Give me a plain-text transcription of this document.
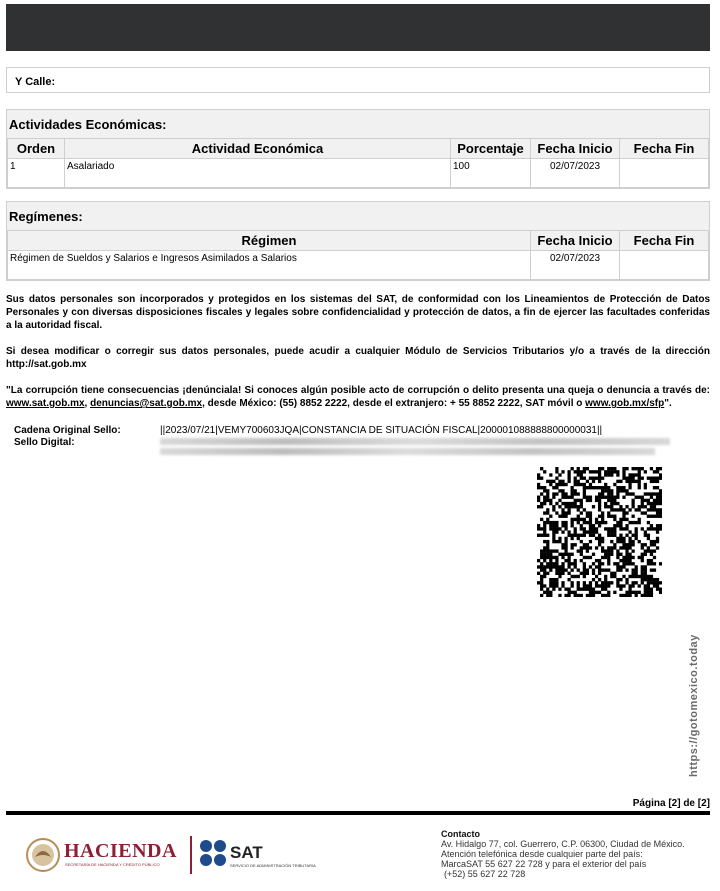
Y Calle:
Actividades Económicas:
Orden	Actividad Económica	Porcentaje	Fecha Inicio	Fecha Fin
1	Asalariado	100	02/07/2023	
Regímenes:
Régimen	Fecha Inicio	Fecha Fin
Régimen de Sueldos y Salarios e Ingresos Asimilados a Salarios	02/07/2023	
Sus datos personales son incorporados y protegidos en los sistemas del SAT, de conformidad con los Lineamientos de Protección de Datos Personales y con diversas disposiciones fiscales y legales sobre confidencialidad y protección de datos, a fin de ejercer las facultades conferidas a la autoridad fiscal.
Si desea modificar o corregir sus datos personales, puede acudir a cualquier Módulo de Servicios Tributarios y/o a través de la dirección http://sat.gob.mx
"La corrupción tiene consecuencias ¡denúnciala! Si conoces algún posible acto de corrupción o delito presenta una queja o denuncia a través de: www.sat.gob.mx, denuncias@sat.gob.mx, desde México: (55) 8852 2222, desde el extranjero: + 55 8852 2222, SAT móvil o www.gob.mx/sfp".
Cadena Original Sello:	||2023/07/21|VEMY700603JQA|CONSTANCIA DE SITUACIÓN FISCAL|200001088888800000031||
Sello Digital:
https://gotomexico.today
Página [2] de [2]
HACIENDA
SECRETARÍA DE HACIENDA Y CRÉDITO PÚBLICO
SAT
SERVICIO DE ADMINISTRACIÓN TRIBUTARIA
Contacto
Av. Hidalgo 77, col. Guerrero, C.P. 06300, Ciudad de México.
Atención telefónica desde cualquier parte del país:
MarcaSAT 55 627 22 728 y para el exterior del país
(+52) 55 627 22 728
